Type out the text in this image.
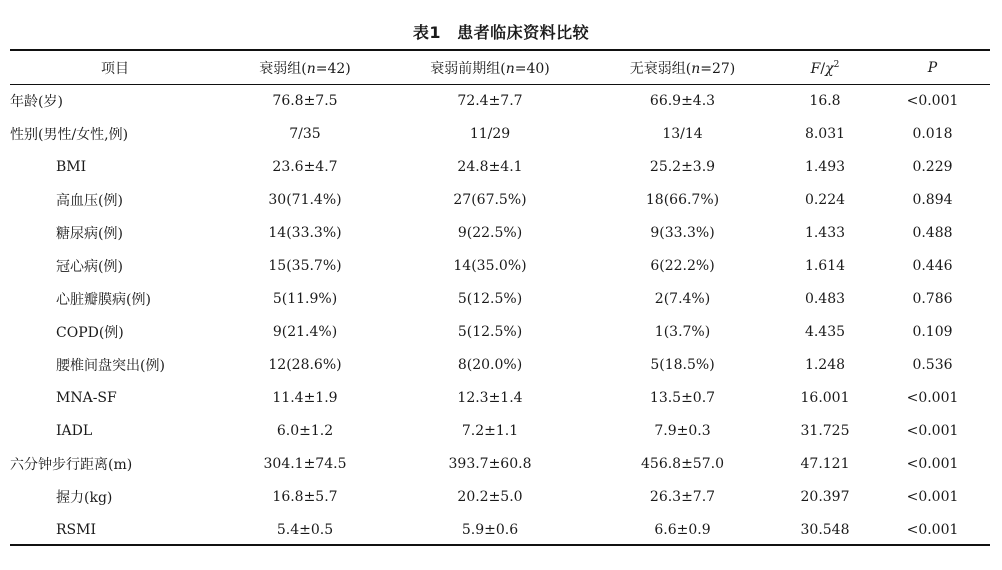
表1 患者临床资料比较
项目	衰弱组(n=42)	衰弱前期组(n=40)	无衰弱组(n=27)	$F/\chi^2$	P
年龄(岁)	76.8±7.5	72.4±7.7	66.9±4.3	16.8	<0.001
性别(男性/女性,例)	7/35	11/29	13/14	8.031	0.018
BMI	23.6±4.7	24.8±4.1	25.2±3.9	1.493	0.229
高血压(例)	30(71.4%)	27(67.5%)	18(66.7%)	0.224	0.894
糖尿病(例)	14(33.3%)	9(22.5%)	9(33.3%)	1.433	0.488
冠心病(例)	15(35.7%)	14(35.0%)	6(22.2%)	1.614	0.446
心脏瓣膜病(例)	5(11.9%)	5(12.5%)	2(7.4%)	0.483	0.786
COPD(例)	9(21.4%)	5(12.5%)	1(3.7%)	4.435	0.109
腰椎间盘突出(例)	12(28.6%)	8(20.0%)	5(18.5%)	1.248	0.536
MNA-SF	11.4±1.9	12.3±1.4	13.5±0.7	16.001	<0.001
IADL	6.0±1.2	7.2±1.1	7.9±0.3	31.725	<0.001
六分钟步行距离(m)	304.1±74.5	393.7±60.8	456.8±57.0	47.121	<0.001
握力(kg)	16.8±5.7	20.2±5.0	26.3±7.7	20.397	<0.001
RSMI	5.4±0.5	5.9±0.6	6.6±0.9	30.548	<0.001
